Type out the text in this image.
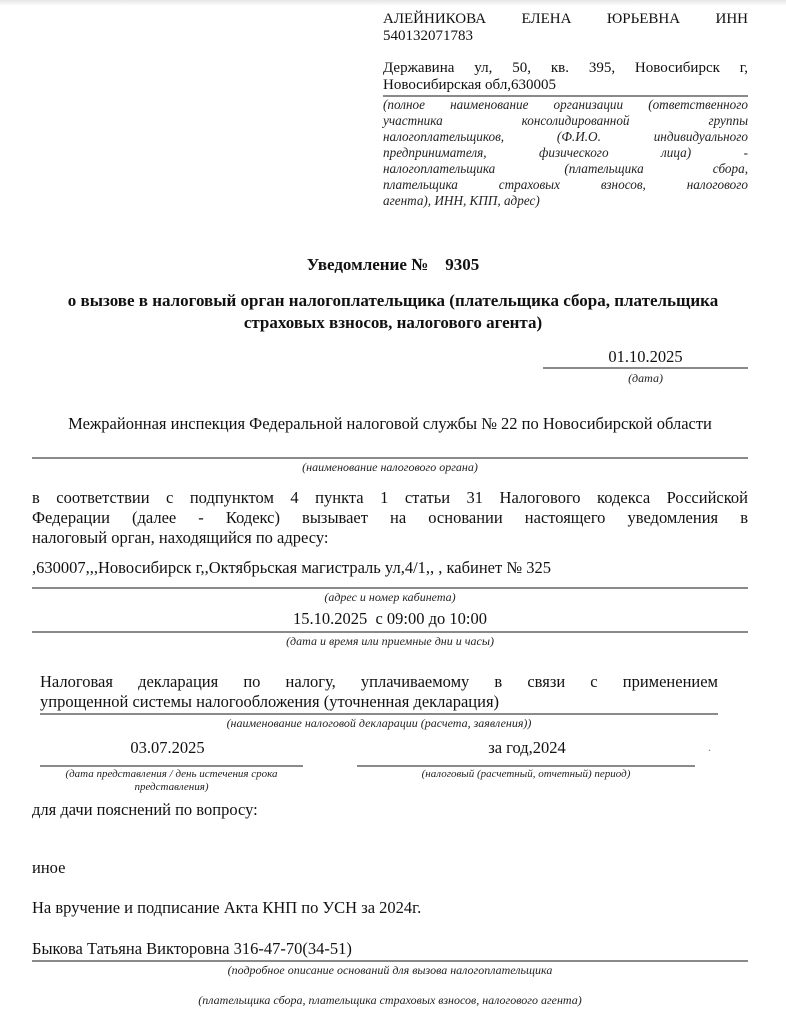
АЛЕЙНИКОВА ЕЛЕНА ЮРЬЕВНА ИНН
540132071783
Державина ул, 50, кв. 395, Новосибирск г,
Новосибирская обл,630005
(полное наименование организации (ответственного
участника консолидированной группы
налогоплательщиков, (Ф.И.О. индивидуального
предпринимателя, физического лица) -
налогоплательщика (плательщика сбора,
плательщика страховых взносов, налогового
агента), ИНН, КПП, адрес)
Уведомление №    9305
о вызове в налоговый орган налогоплательщика (плательщика сбора, плательщика страховых взносов, налогового агента)
01.10.2025
(дата)
Межрайонная инспекция Федеральной налоговой службы № 22 по Новосибирской области
(наименование налогового органа)
в соответствии с подпунктом 4 пункта 1 статьи 31 Налогового кодекса Российской
Федерации (далее - Кодекс) вызывает на основании настоящего уведомления в
налоговый орган, находящийся по адресу:
,630007,,,Новосибирск г,,Октябрьская магистраль ул,4/1,, , кабинет № 325
(адрес и номер кабинета)
15.10.2025  с 09:00 до 10:00
(дата и время или приемные дни и часы)
Налоговая декларация по налогу, уплачиваемому в связи с применением
упрощенной системы налогообложения (уточненная декларация)
(наименование налоговой декларации (расчета, заявления))
03.07.2025
(дата представления / день истечения срока представления)
за год,2024
(налоговый (расчетный, отчетный) период)
.
для дачи пояснений по вопросу:
иное
На вручение и подписание Акта КНП по УСН за 2024г.
Быкова Татьяна Викторовна 316-47-70(34-51)
(подробное описание оснований для вызова налогоплательщика
(плательщика сбора, плательщика страховых взносов, налогового агента)
